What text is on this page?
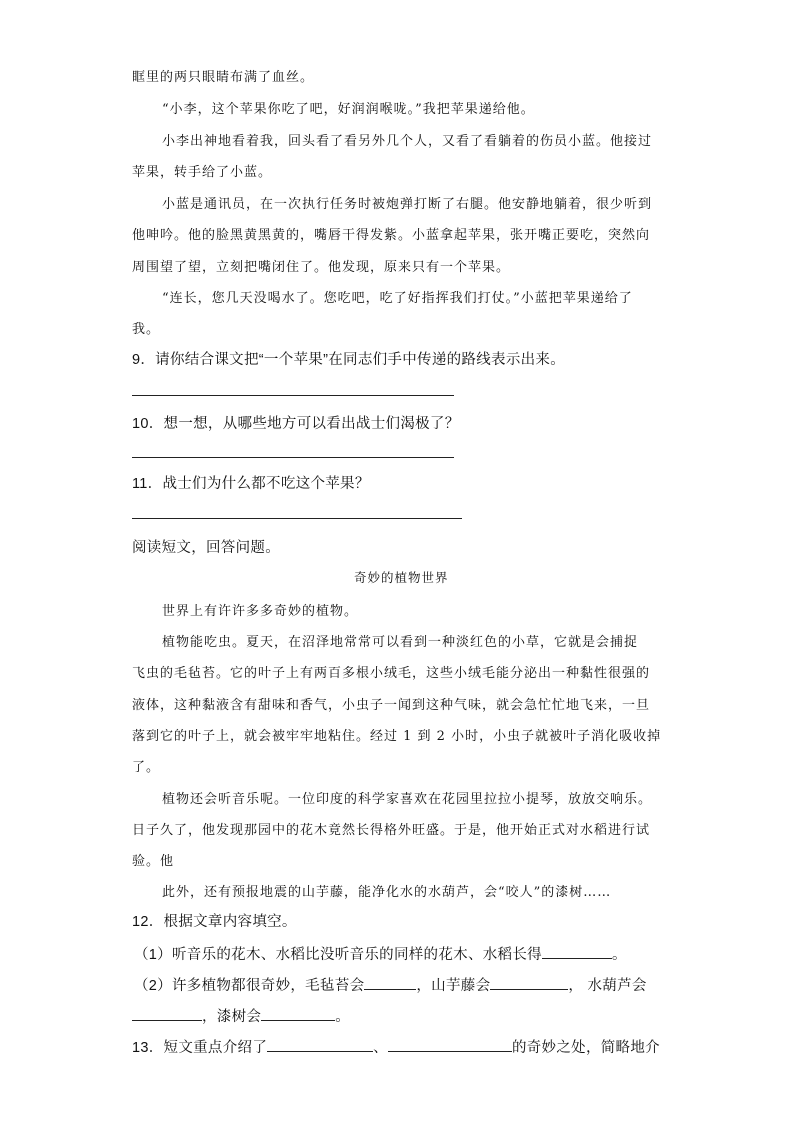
眶里的两只眼睛布满了血丝。
“小李，这个苹果你吃了吧，好润润喉咙。”我把苹果递给他。
小李出神地看着我，回头看了看另外几个人，又看了看躺着的伤员小蓝。他接过
苹果，转手给了小蓝。
小蓝是通讯员，在一次执行任务时被炮弹打断了右腿。他安静地躺着，很少听到
他呻吟。他的脸黑黄黑黄的，嘴唇干得发紫。小蓝拿起苹果，张开嘴正要吃，突然向
周围望了望，立刻把嘴闭住了。他发现，原来只有一个苹果。
“连长，您几天没喝水了。您吃吧，吃了好指挥我们打仗。”小蓝把苹果递给了
我。
9．请你结合课文把“一个苹果”在同志们手中传递的路线表示出来。
10．想一想，从哪些地方可以看出战士们渴极了？
11．战士们为什么都不吃这个苹果？
阅读短文，回答问题。
奇妙的植物世界
世界上有许许多多奇妙的植物。
植物能吃虫。夏天，在沼泽地常常可以看到一种淡红色的小草，它就是会捕捉
飞虫的毛毡苔。它的叶子上有两百多根小绒毛，这些小绒毛能分泌出一种黏性很强的
液体，这种黏液含有甜味和香气，小虫子一闻到这种气味，就会急忙忙地飞来，一旦
落到它的叶子上，就会被牢牢地粘住。经过 1 到 2 小时，小虫子就被叶子消化吸收掉
了。
植物还会听音乐呢。一位印度的科学家喜欢在花园里拉拉小提琴，放放交响乐。
日子久了，他发现那园中的花木竟然长得格外旺盛。于是，他开始正式对水稻进行试
验。他
此外，还有预报地震的山芋藤，能净化水的水葫芦，会“咬人”的漆树……
12．根据文章内容填空。
（1）听音乐的花木、水稻比没听音乐的同样的花木、水稻长得	。
（2）许多植物都很奇妙，毛毡苔会	，山芋藤会	， 水葫芦会
，漆树会	。
13．短文重点介绍了	、	的奇妙之处，简略地介
